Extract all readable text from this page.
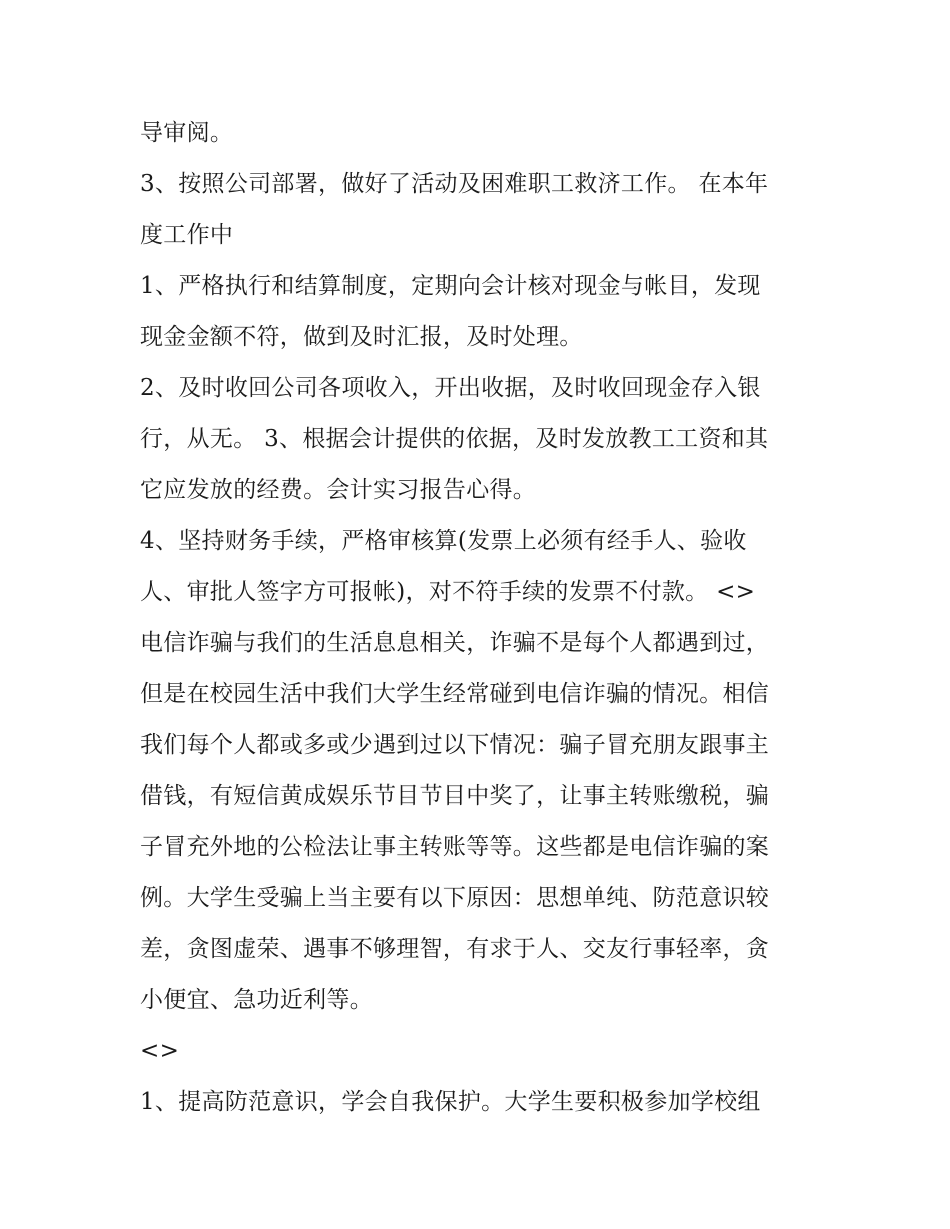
导审阅。
3、按照公司部署，做好了活动及困难职工救济工作。 在本年
度工作中
1、严格执行和结算制度，定期向会计核对现金与帐目，发现
现金金额不符，做到及时汇报，及时处理。
2、及时收回公司各项收入，开出收据，及时收回现金存入银
行，从无。 3、根据会计提供的依据，及时发放教工工资和其
它应发放的经费。会计实习报告心得。
4、坚持财务手续，严格审核算(发票上必须有经手人、验收
人、审批人签字方可报帐)，对不符手续的发票不付款。 <>
电信诈骗与我们的生活息息相关，诈骗不是每个人都遇到过，
但是在校园生活中我们大学生经常碰到电信诈骗的情况。相信
我们每个人都或多或少遇到过以下情况：骗子冒充朋友跟事主
借钱，有短信黄成娱乐节目节目中奖了，让事主转账缴税，骗
子冒充外地的公检法让事主转账等等。这些都是电信诈骗的案
例。大学生受骗上当主要有以下原因：思想单纯、防范意识较
差，贪图虚荣、遇事不够理智，有求于人、交友行事轻率，贪
小便宜、急功近利等。
<>
1、提高防范意识，学会自我保护。大学生要积极参加学校组
